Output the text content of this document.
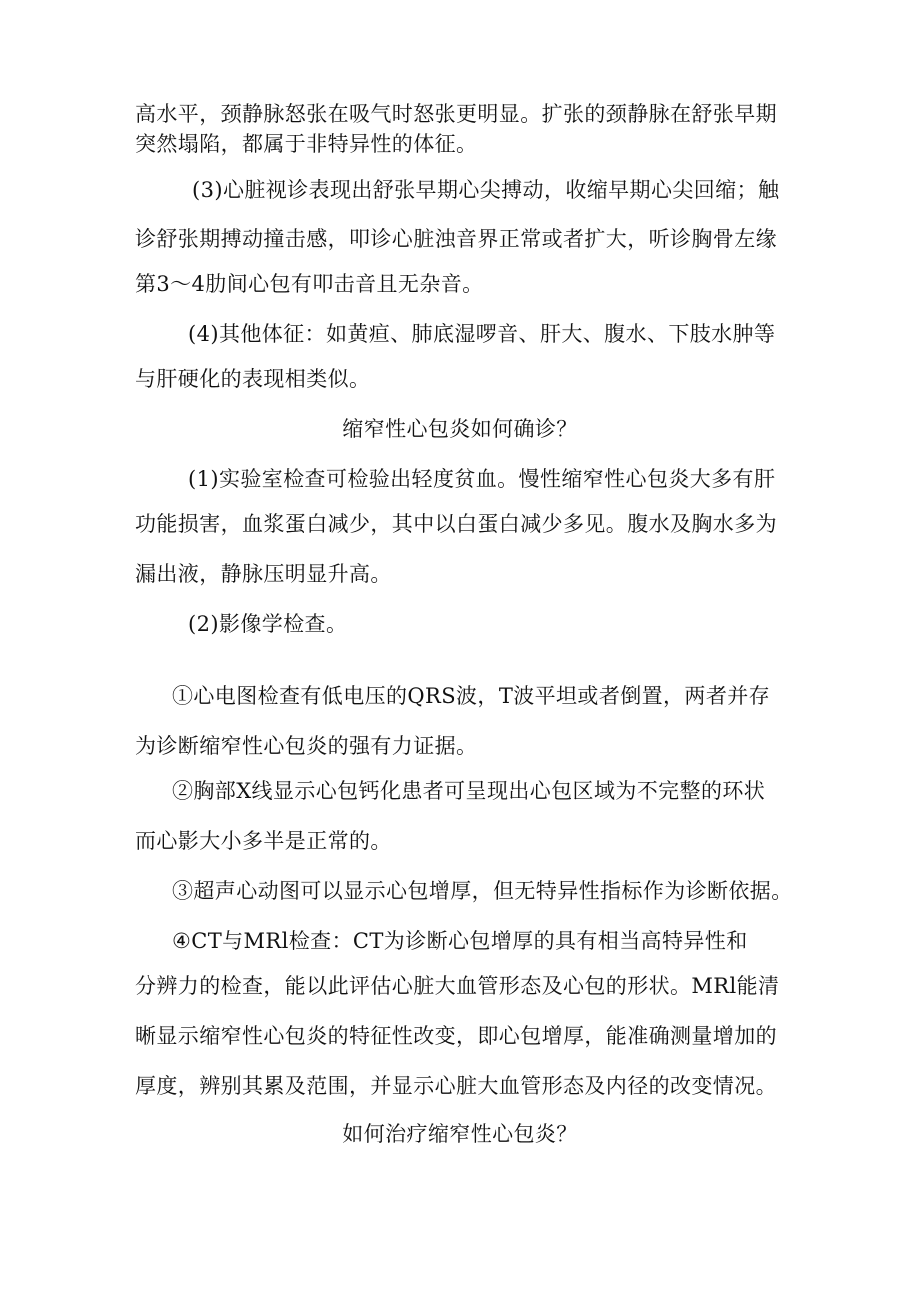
高水平，颈静脉怒张在吸气时怒张更明显。扩张的颈静脉在舒张早期
突然塌陷，都属于非特异性的体征。
(3)心脏视诊表现出舒张早期心尖搏动，收缩早期心尖回缩；触
诊舒张期搏动撞击感，叩诊心脏浊音界正常或者扩大，听诊胸骨左缘
第3～4肋间心包有叩击音且无杂音。
(4)其他体征：如黄疸、肺底湿啰音、肝大、腹水、下肢水肿等
与肝硬化的表现相类似。
缩窄性心包炎如何确诊？
(1)实验室检查可检验出轻度贫血。慢性缩窄性心包炎大多有肝
功能损害，血浆蛋白减少，其中以白蛋白减少多见。腹水及胸水多为
漏出液，静脉压明显升高。
(2)影像学检查。
①心电图检查有低电压的QRS波，T波平坦或者倒置，两者并存
为诊断缩窄性心包炎的强有力证据。
②胸部X线显示心包钙化患者可呈现出心包区域为不完整的环状
而心影大小多半是正常的。
③超声心动图可以显示心包增厚，但无特异性指标作为诊断依据。
④CT与MRl检查：CT为诊断心包增厚的具有相当高特异性和
分辨力的检查，能以此评估心脏大血管形态及心包的形状。MRl能清
晰显示缩窄性心包炎的特征性改变，即心包增厚，能准确测量增加的
厚度，辨别其累及范围，并显示心脏大血管形态及内径的改变情况。
如何治疗缩窄性心包炎？
